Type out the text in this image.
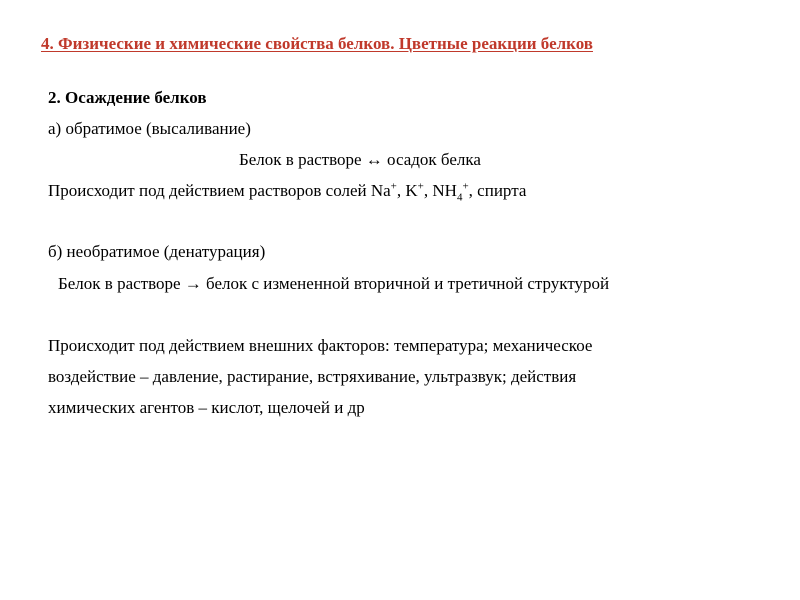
4. Физические и химические свойства белков. Цветные реакции белков
2. Осаждение белков
а) обратимое (высаливание)
Белок в растворе ↔ осадок белка
Происходит под действием растворов солей Na+, K+, $NH_4^+$, спирта
б) необратимое (денатурация)
Белок в растворе → белок с измененной вторичной и третичной структурой
Происходит под действием внешних факторов: температура; механическое
воздействие – давление, растирание, встряхивание, ультразвук; действия
химических агентов – кислот, щелочей и др
